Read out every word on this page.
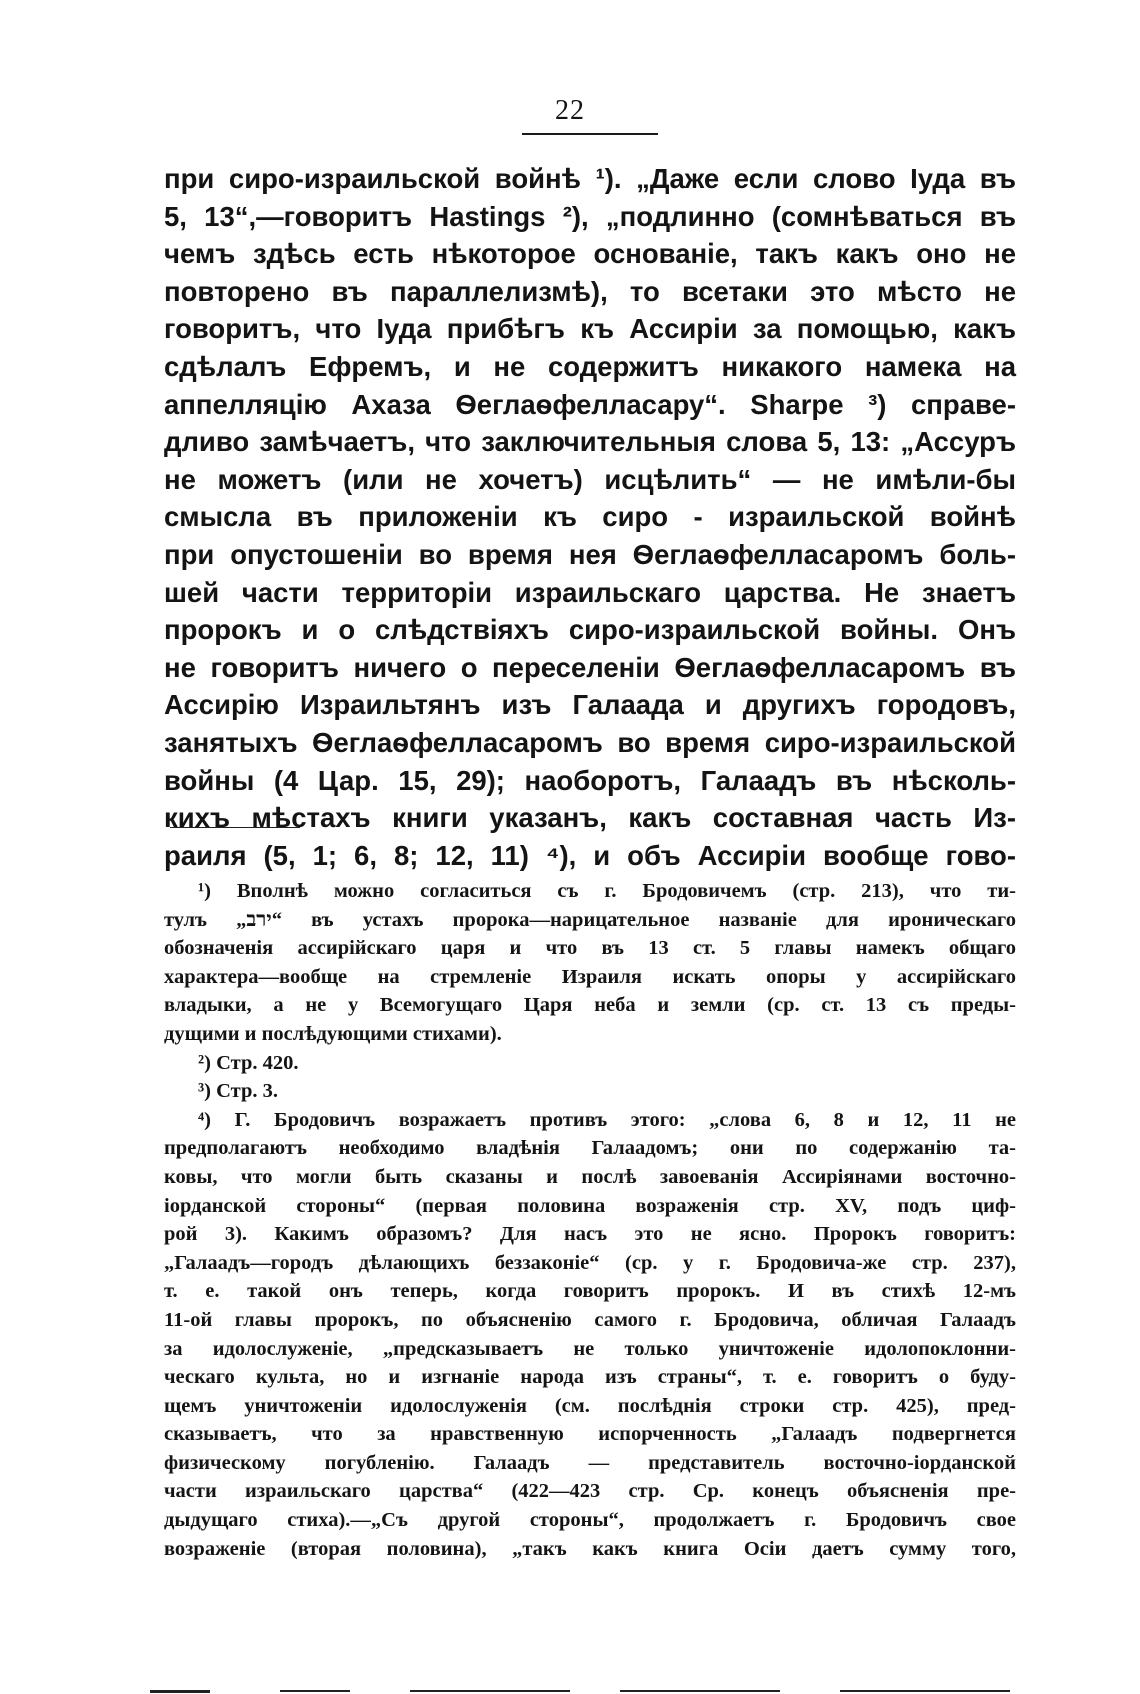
22
при сиро-израильской войнѣ ¹). „Даже если слово Іуда въ
5, 13“,—говоритъ Hastings ²), „подлинно (сомнѣваться въ
чемъ здѣсь есть нѣкоторое основаніе, такъ какъ оно не
повторено въ параллелизмѣ), то всетаки это мѣсто не
говоритъ, что Іуда прибѣгъ къ Ассиріи за помощью, какъ
сдѣлалъ Ефремъ, и не содержитъ никакого намека на
аппелляцію Ахаза Ѳеглаѳфелласару“. Sharpe ³) справе-
дливо замѣчаетъ, что заключительныя слова 5, 13: „Ассуръ
не можетъ (или не хочетъ) исцѣлить“ — не имѣли-бы
смысла въ приложеніи къ сиро - израильской войнѣ
при опустошеніи во время нея Ѳеглаѳфелласаромъ боль-
шей части территоріи израильскаго царства. Не знаетъ
пророкъ и о слѣдствіяхъ сиро-израильской войны. Онъ
не говоритъ ничего о переселеніи Ѳеглаѳфелласаромъ въ
Ассирію Израильтянъ изъ Галаада и другихъ городовъ,
занятыхъ Ѳеглаѳфелласаромъ во время сиро-израильской
войны (4 Цар. 15, 29); наоборотъ, Галаадъ въ нѣсколь-
кихъ мѣстахъ книги указанъ, какъ составная часть Из-
раиля (5, 1; 6, 8; 12, 11) ⁴), и объ Ассиріи вообще гово-
¹) Вполнѣ можно согласиться съ г. Бродовичемъ (стр. 213), что ти-
тулъ „ירב“ въ устахъ пророка—нарицательное названіе для ироническаго
обозначенія ассирійскаго царя и что въ 13 ст. 5 главы намекъ общаго
характера—вообще на стремленіе Израиля искать опоры у ассирійскаго
владыки, а не у Всемогущаго Царя неба и земли (ср. ст. 13 съ преды-
дущими и послѣдующими стихами).
²) Стр. 420.
³) Стр. 3.
⁴) Г. Бродовичъ возражаетъ противъ этого: „слова 6, 8 и 12, 11 не
предполагаютъ необходимо владѣнія Галаадомъ; они по содержанію та-
ковы, что могли быть сказаны и послѣ завоеванія Ассиріянами восточно-
іорданской стороны“ (первая половина возраженія стр. XV, подъ циф-
рой 3). Какимъ образомъ? Для насъ это не ясно. Пророкъ говоритъ:
„Галаадъ—городъ дѣлающихъ беззаконіе“ (ср. у г. Бродовича-же стр. 237),
т. е. такой онъ теперь, когда говоритъ пророкъ. И въ стихѣ 12-мъ
11-ой главы пророкъ, по объясненію самого г. Бродовича, обличая Галаадъ
за идолослуженіе, „предсказываетъ не только уничтоженіе идолопоклонни-
ческаго культа, но и изгнаніе народа изъ страны“, т. е. говоритъ о буду-
щемъ уничтоженіи идолослуженія (см. послѣднія строки стр. 425), пред-
сказываетъ, что за нравственную испорченность „Галаадъ подвергнется
физическому погубленію. Галаадъ — представитель восточно-іорданской
части израильскаго царства“ (422—423 стр. Ср. конецъ объясненія пре-
дыдущаго стиха).—„Съ другой стороны“, продолжаетъ г. Бродовичъ свое
возраженіе (вторая половина), „такъ какъ книга Осіи даетъ сумму того,
